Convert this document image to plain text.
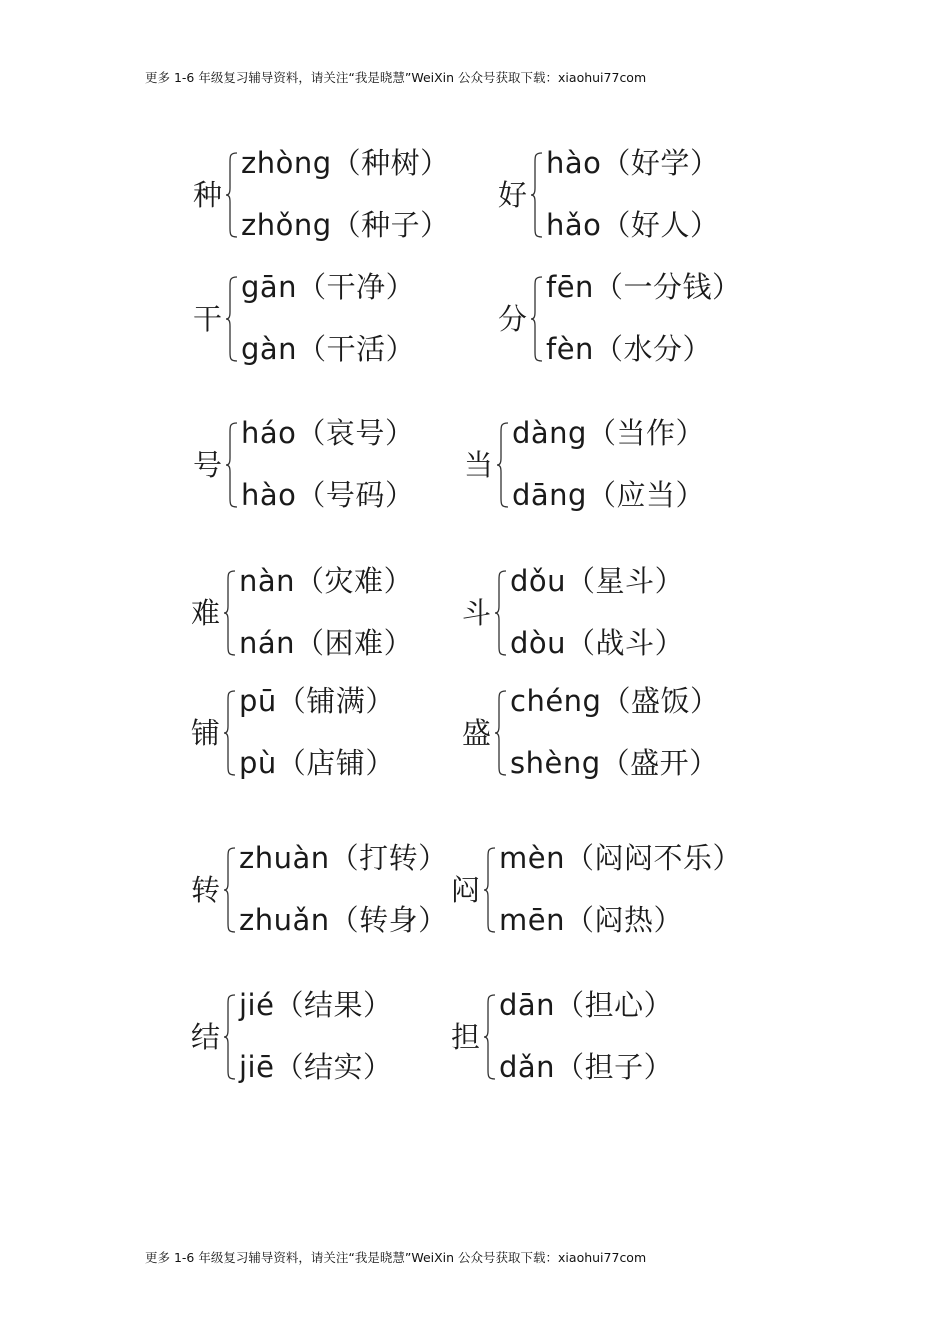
更多 1-6 年级复习辅导资料，请关注“我是晓慧”WeiXin 公众号获取下载：xiaohui77com
种
zhòng（种树）
zhǒng（种子）
好
hào（好学）
hǎo（好人）
干
gān（干净）
gàn（干活）
分
fēn（一分钱）
fèn（水分）
号
háo（哀号）
hào（号码）
当
dàng（当作）
dāng（应当）
难
nàn（灾难）
nán（困难）
斗
dǒu（星斗）
dòu（战斗）
铺
pū（铺满）
pù（店铺）
盛
chéng（盛饭）
shèng（盛开）
转
zhuàn（打转）
zhuǎn（转身）
闷
mèn（闷闷不乐）
mēn（闷热）
结
jié（结果）
jiē（结实）
担
dān（担心）
dǎn（担子）
更多 1-6 年级复习辅导资料，请关注“我是晓慧”WeiXin 公众号获取下载：xiaohui77com
